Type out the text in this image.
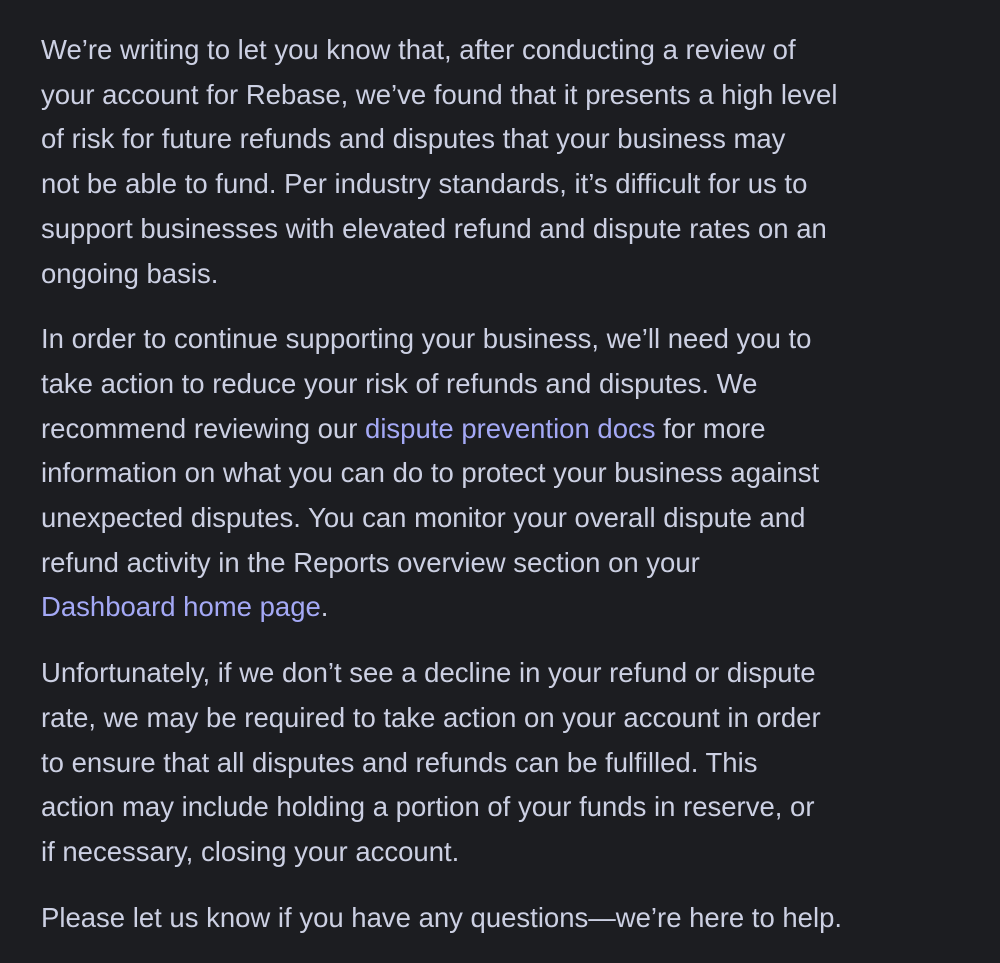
We’re writing to let you know that, after conducting a review of
your account for Rebase, we’ve found that it presents a high level
of risk for future refunds and disputes that your business may
not be able to fund. Per industry standards, it’s difficult for us to
support businesses with elevated refund and dispute rates on an
ongoing basis.

In order to continue supporting your business, we’ll need you to
take action to reduce your risk of refunds and disputes. We
recommend reviewing our dispute prevention docs for more
information on what you can do to protect your business against
unexpected disputes. You can monitor your overall dispute and
refund activity in the Reports overview section on your
Dashboard home page.

Unfortunately, if we don’t see a decline in your refund or dispute
rate, we may be required to take action on your account in order
to ensure that all disputes and refunds can be fulfilled. This
action may include holding a portion of your funds in reserve, or
if necessary, closing your account.

Please let us know if you have any questions—we’re here to help.
